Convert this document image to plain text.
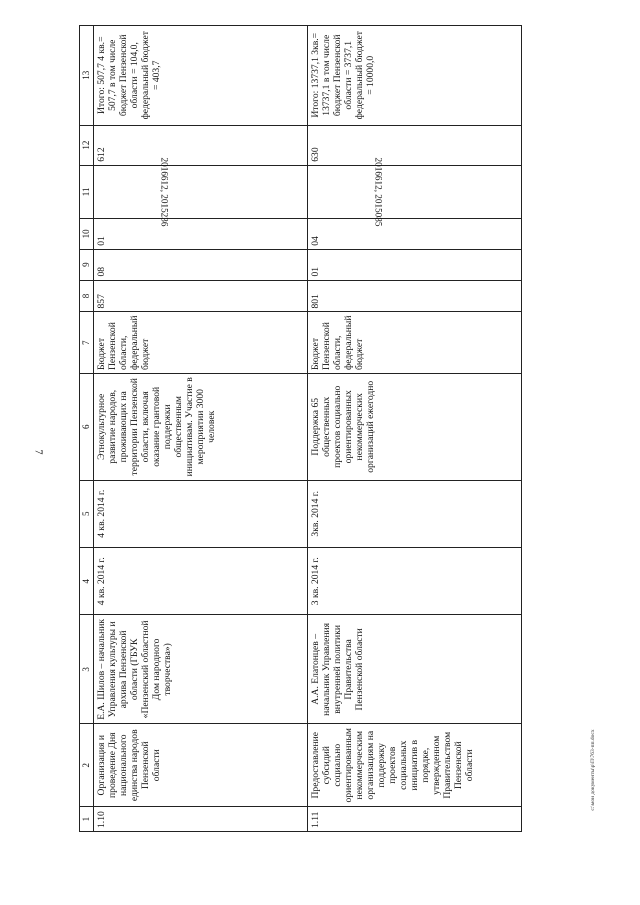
7
1	2	3	4	5	6	7	8	9	10	11	12	13
1.10	Организация и проведение Дня национального единства народов Пензенской области	Е.А. Шилов – начальник Управления культуры и архива Пензенской области (ГБУК «Пензенский областной Дом народного творчества»)	4 кв. 2014 г.	4 кв. 2014 г.	Этнокультурное развитие народов, проживающих на территории Пензенской области, включая оказание грантовой поддержки общественным инициативам. Участие в мероприятии 3000 человек	Бюджет Пензенской области, федеральный бюджет	857	08	01	2016612, 2015236	612	Итого: 507,7 4 кв.= 507,7 в том числе бюджет Пензенской области = 104,0, федеральный бюджет = 403,7
1.11	Предоставление субсидий социально ориентированным некоммерческим организациям на поддержку проектов социальных инициатив в порядке, утвержденном Правительством Пензенской области	А.А. Елатонцев – начальник Управления внутренней политики Правительства Пензенской области	3 кв. 2014 г.	3кв. 2014 г.	Поддержка 65 общественных проектов социально ориентированных некоммерческих организаций ежегодно	Бюджет Пензенской области, федеральный бюджет	801	01	04	2016612, 2015085	630	Итого: 13737,1 3кв.= 13737,1 в том числе бюджет Пензенской области = 3737,1 федеральный бюджет = 10000,0
c:\мои документы\p\П\763-пп.docx
